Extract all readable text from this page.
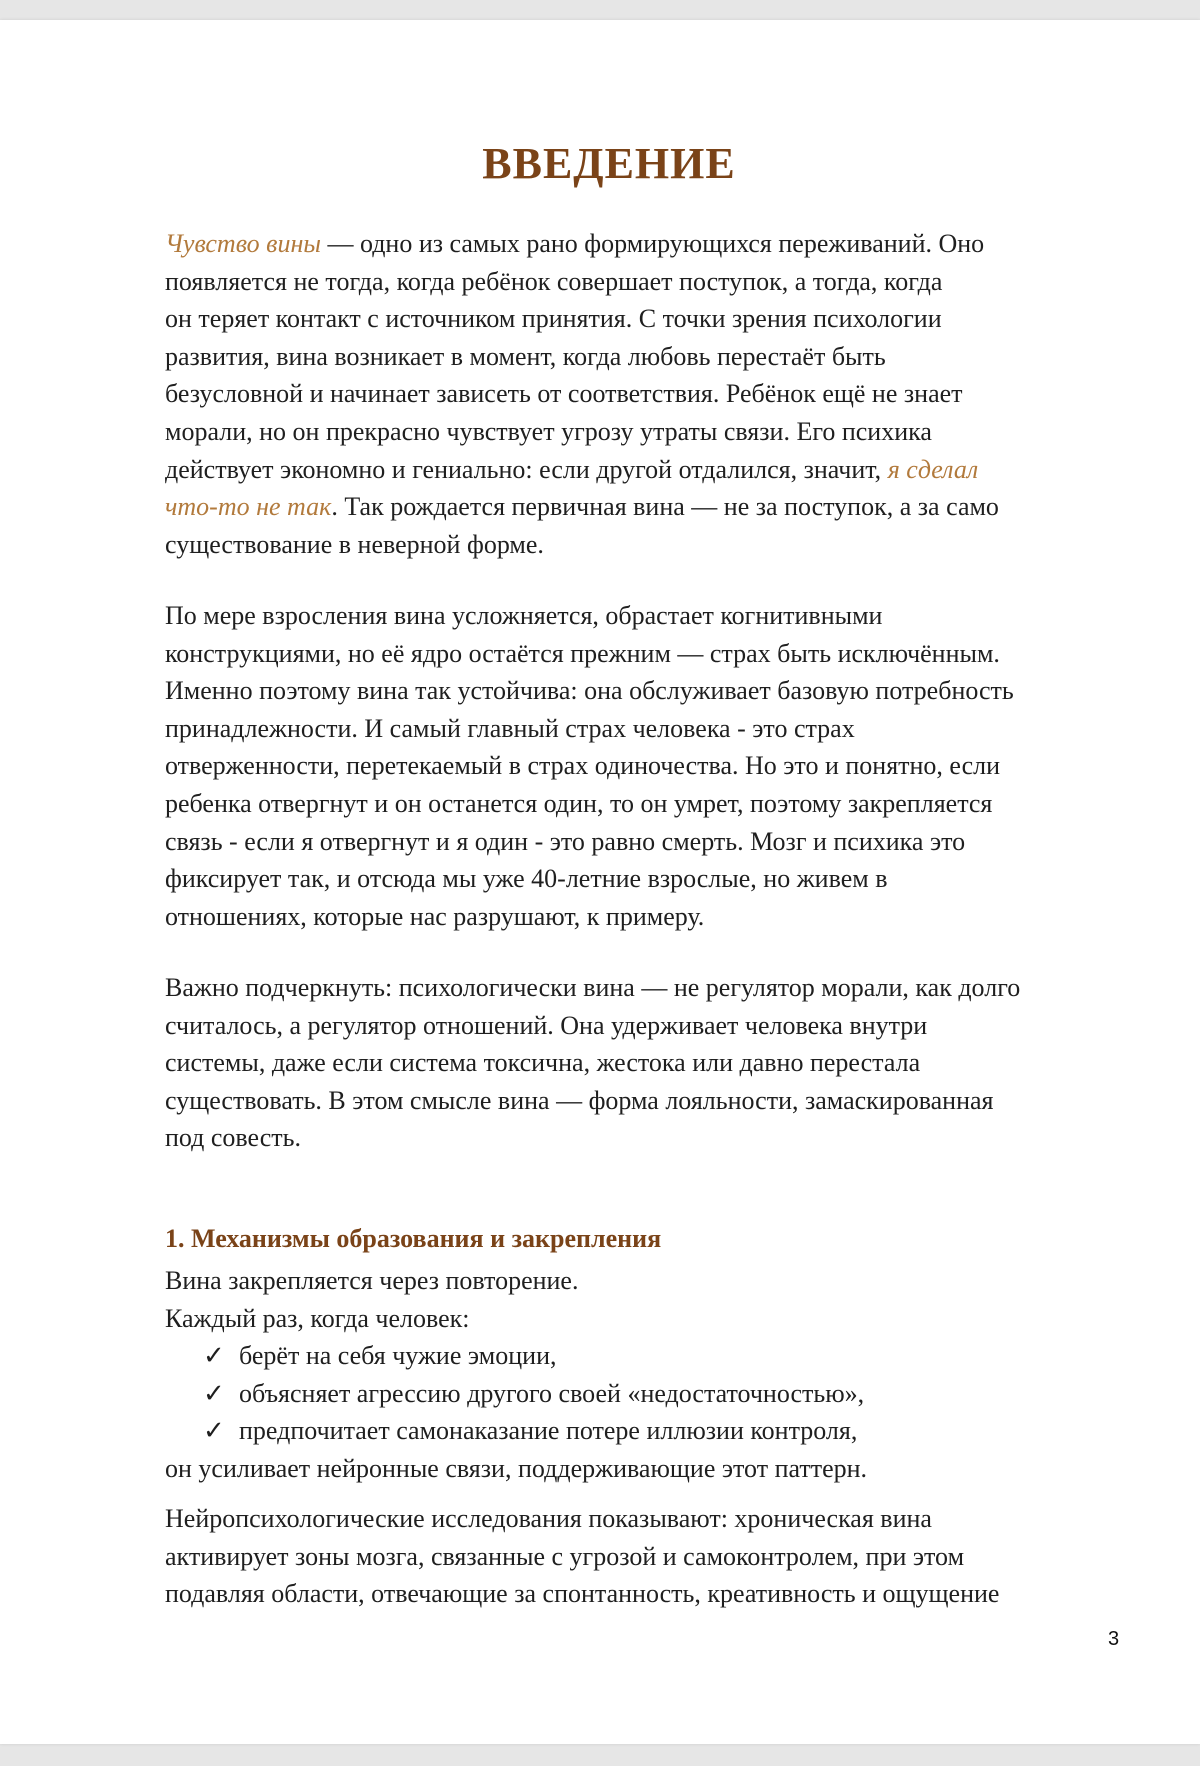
ВВЕДЕНИЕ
Чувство вины — одно из самых рано формирующихся переживаний. Оно
появляется не тогда, когда ребёнок совершает поступок, а тогда, когда
он теряет контакт с источником принятия. С точки зрения психологии
развития, вина возникает в момент, когда любовь перестаёт быть
безусловной и начинает зависеть от соответствия. Ребёнок ещё не знает
морали, но он прекрасно чувствует угрозу утраты связи. Его психика
действует экономно и гениально: если другой отдалился, значит, я сделал
что-то не так. Так рождается первичная вина — не за поступок, а за само
существование в неверной форме.
По мере взросления вина усложняется, обрастает когнитивными
конструкциями, но её ядро остаётся прежним — страх быть исключённым.
Именно поэтому вина так устойчива: она обслуживает базовую потребность
принадлежности. И самый главный страх человека - это страх
отверженности, перетекаемый в страх одиночества. Но это и понятно, если
ребенка отвергнут и он останется один, то он умрет, поэтому закрепляется
связь - если я отвергнут и я один - это равно смерть. Мозг и психика это
фиксирует так, и отсюда мы уже 40-летние взрослые, но живем в
отношениях, которые нас разрушают, к примеру.
Важно подчеркнуть: психологически вина — не регулятор морали, как долго
считалось, а регулятор отношений. Она удерживает человека внутри
системы, даже если система токсична, жестока или давно перестала
существовать. В этом смысле вина — форма лояльности, замаскированная
под совесть.
1. Механизмы образования и закрепления
Вина закрепляется через повторение.
Каждый раз, когда человек:
✓ берёт на себя чужие эмоции,
✓ объясняет агрессию другого своей «недостаточностью»,
✓ предпочитает самонаказание потере иллюзии контроля,
он усиливает нейронные связи, поддерживающие этот паттерн.
Нейропсихологические исследования показывают: хроническая вина
активирует зоны мозга, связанные с угрозой и самоконтролем, при этом
подавляя области, отвечающие за спонтанность, креативность и ощущение
3
